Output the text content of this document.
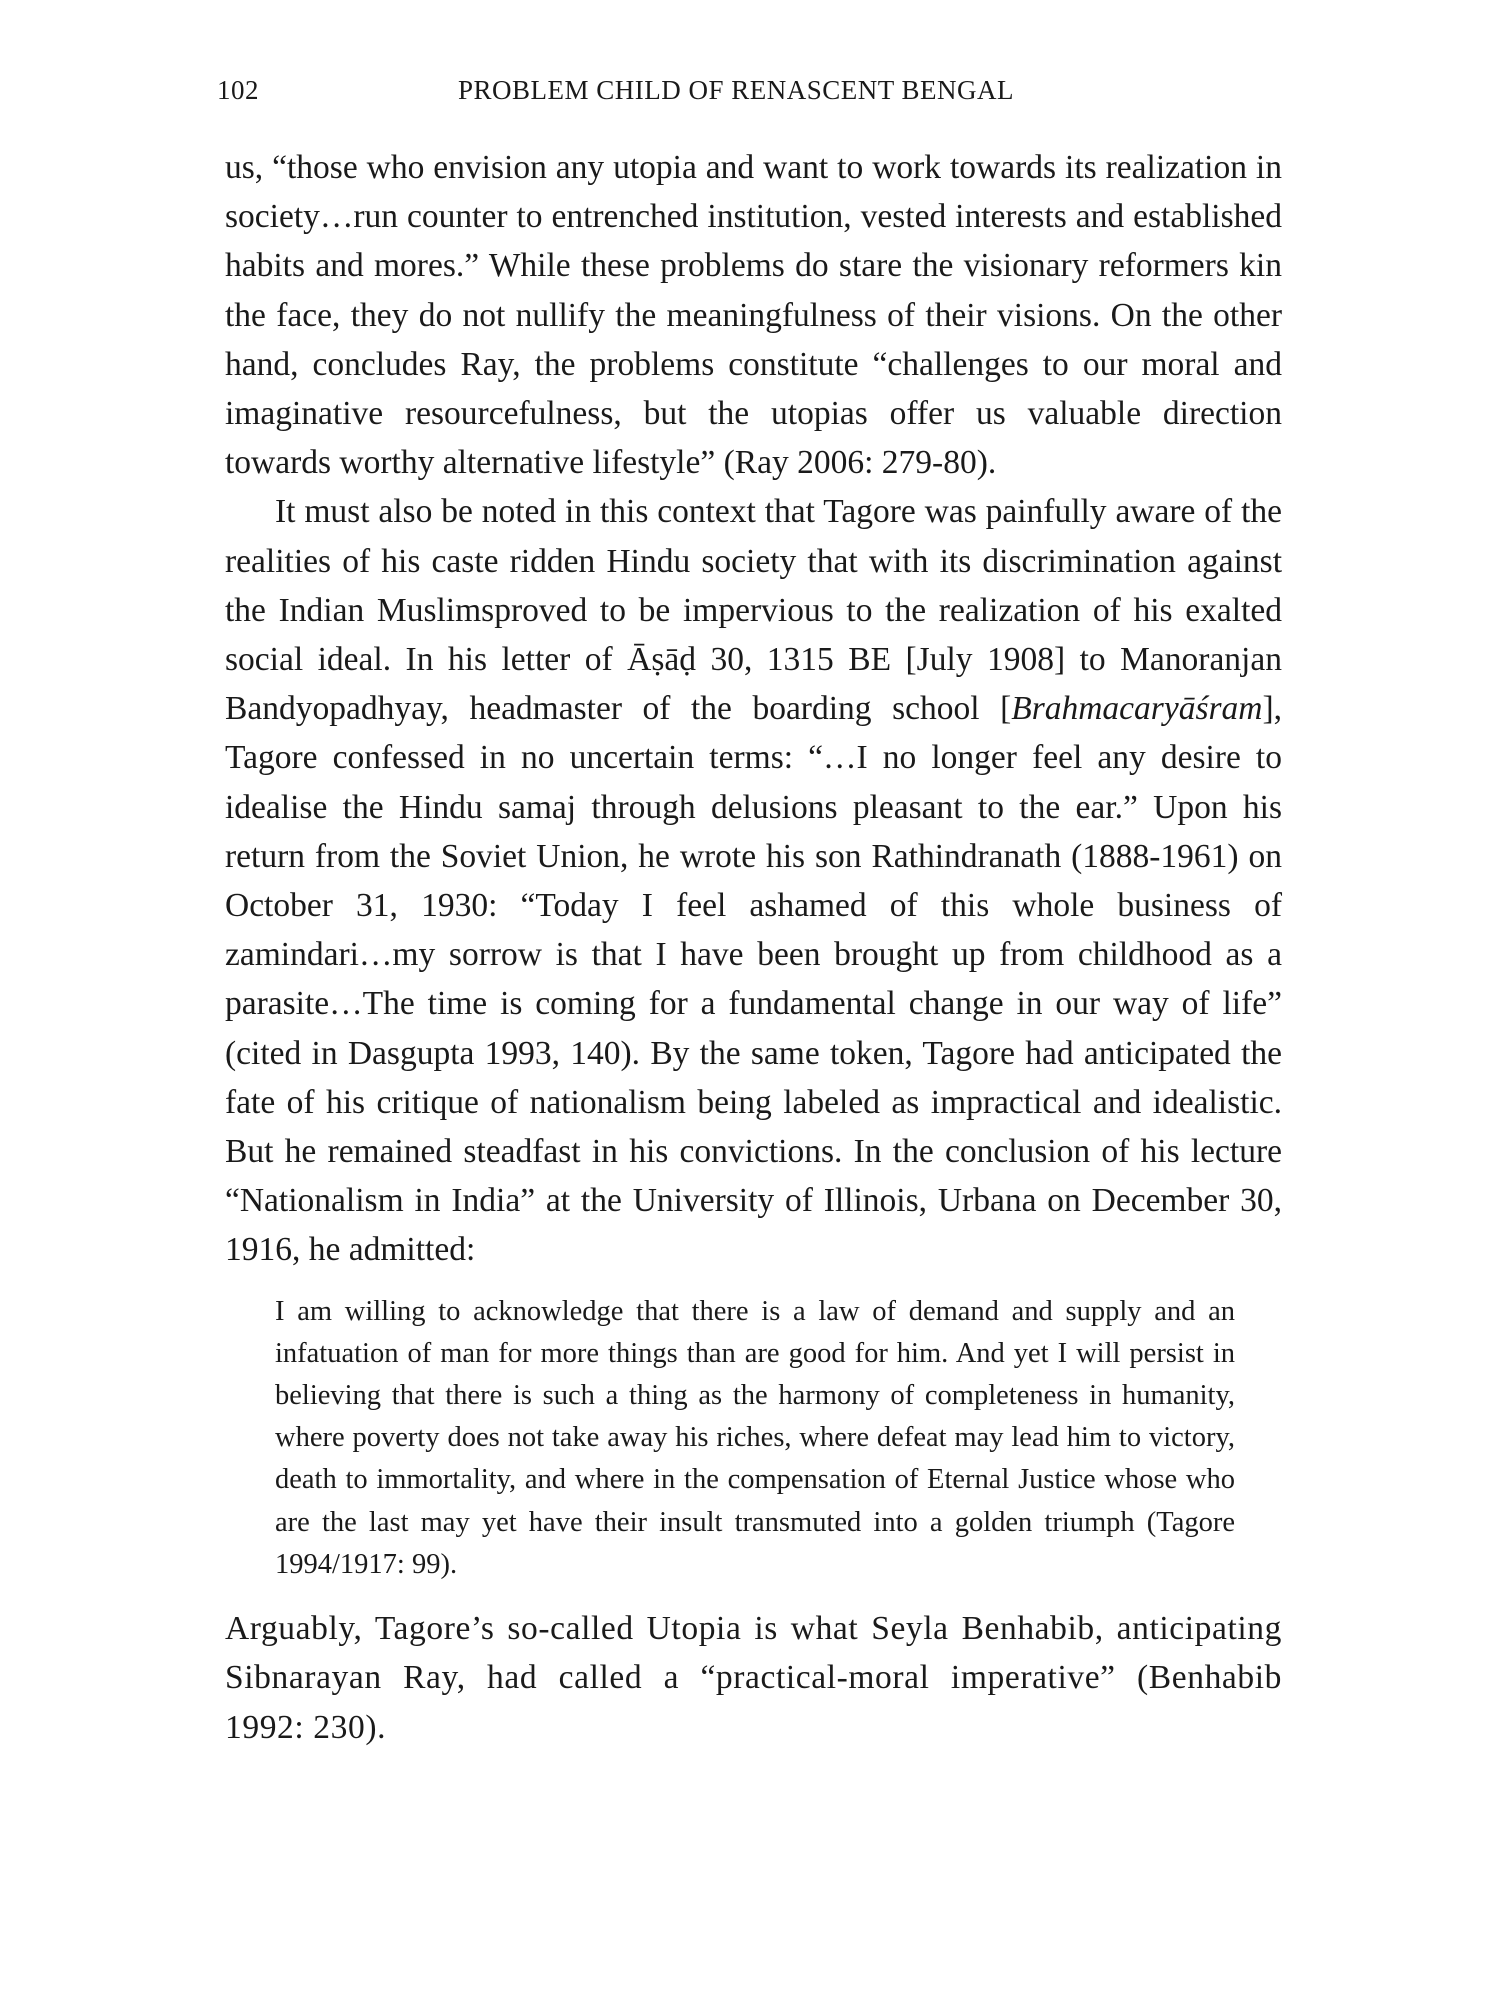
102	PROBLEM CHILD OF RENASCENT BENGAL

us, “those who envision any utopia and want to work towards its realization in society…run counter to entrenched institution, vested interests and established habits and mores.” While these problems do stare the visionary reformers kin the face, they do not nullify the meaningfulness of their visions. On the other hand, concludes Ray, the problems constitute “challenges to our moral and imaginative resourcefulness, but the utopias offer us valuable direction towards worthy alternative lifestyle” (Ray 2006: 279-80).

It must also be noted in this context that Tagore was painfully aware of the realities of his caste ridden Hindu society that with its discrimination against the Indian Muslimsproved to be impervious to the realization of his exalted social ideal. In his letter of Āṣāḍ 30, 1315 BE [July 1908] to Manoranjan Bandyopadhyay, headmaster of the boarding school [Brahmacaryāśram], Tagore confessed in no uncertain terms: “…I no longer feel any desire to idealise the Hindu samaj through delusions pleasant to the ear.” Upon his return from the Soviet Union, he wrote his son Rathindranath (1888-1961) on October 31, 1930: “Today I feel ashamed of this whole business of zamindari…my sorrow is that I have been brought up from childhood as a parasite…The time is coming for a fundamental change in our way of life” (cited in Dasgupta 1993, 140). By the same token, Tagore had anticipated the fate of his critique of nationalism being labeled as impractical and idealistic. But he remained steadfast in his convictions. In the conclusion of his lecture “Nationalism in India” at the University of Illinois, Urbana on December 30, 1916, he admitted:

I am willing to acknowledge that there is a law of demand and supply and an infatuation of man for more things than are good for him. And yet I will persist in believing that there is such a thing as the harmony of completeness in humanity, where poverty does not take away his riches, where defeat may lead him to victory, death to immortality, and where in the compensation of Eternal Justice whose who are the last may yet have their insult transmuted into a golden triumph (Tagore 1994/1917: 99).

Arguably, Tagore’s so-called Utopia is what Seyla Benhabib, anticipating Sibnarayan Ray, had called a “practical-moral imperative” (Benhabib 1992: 230).
